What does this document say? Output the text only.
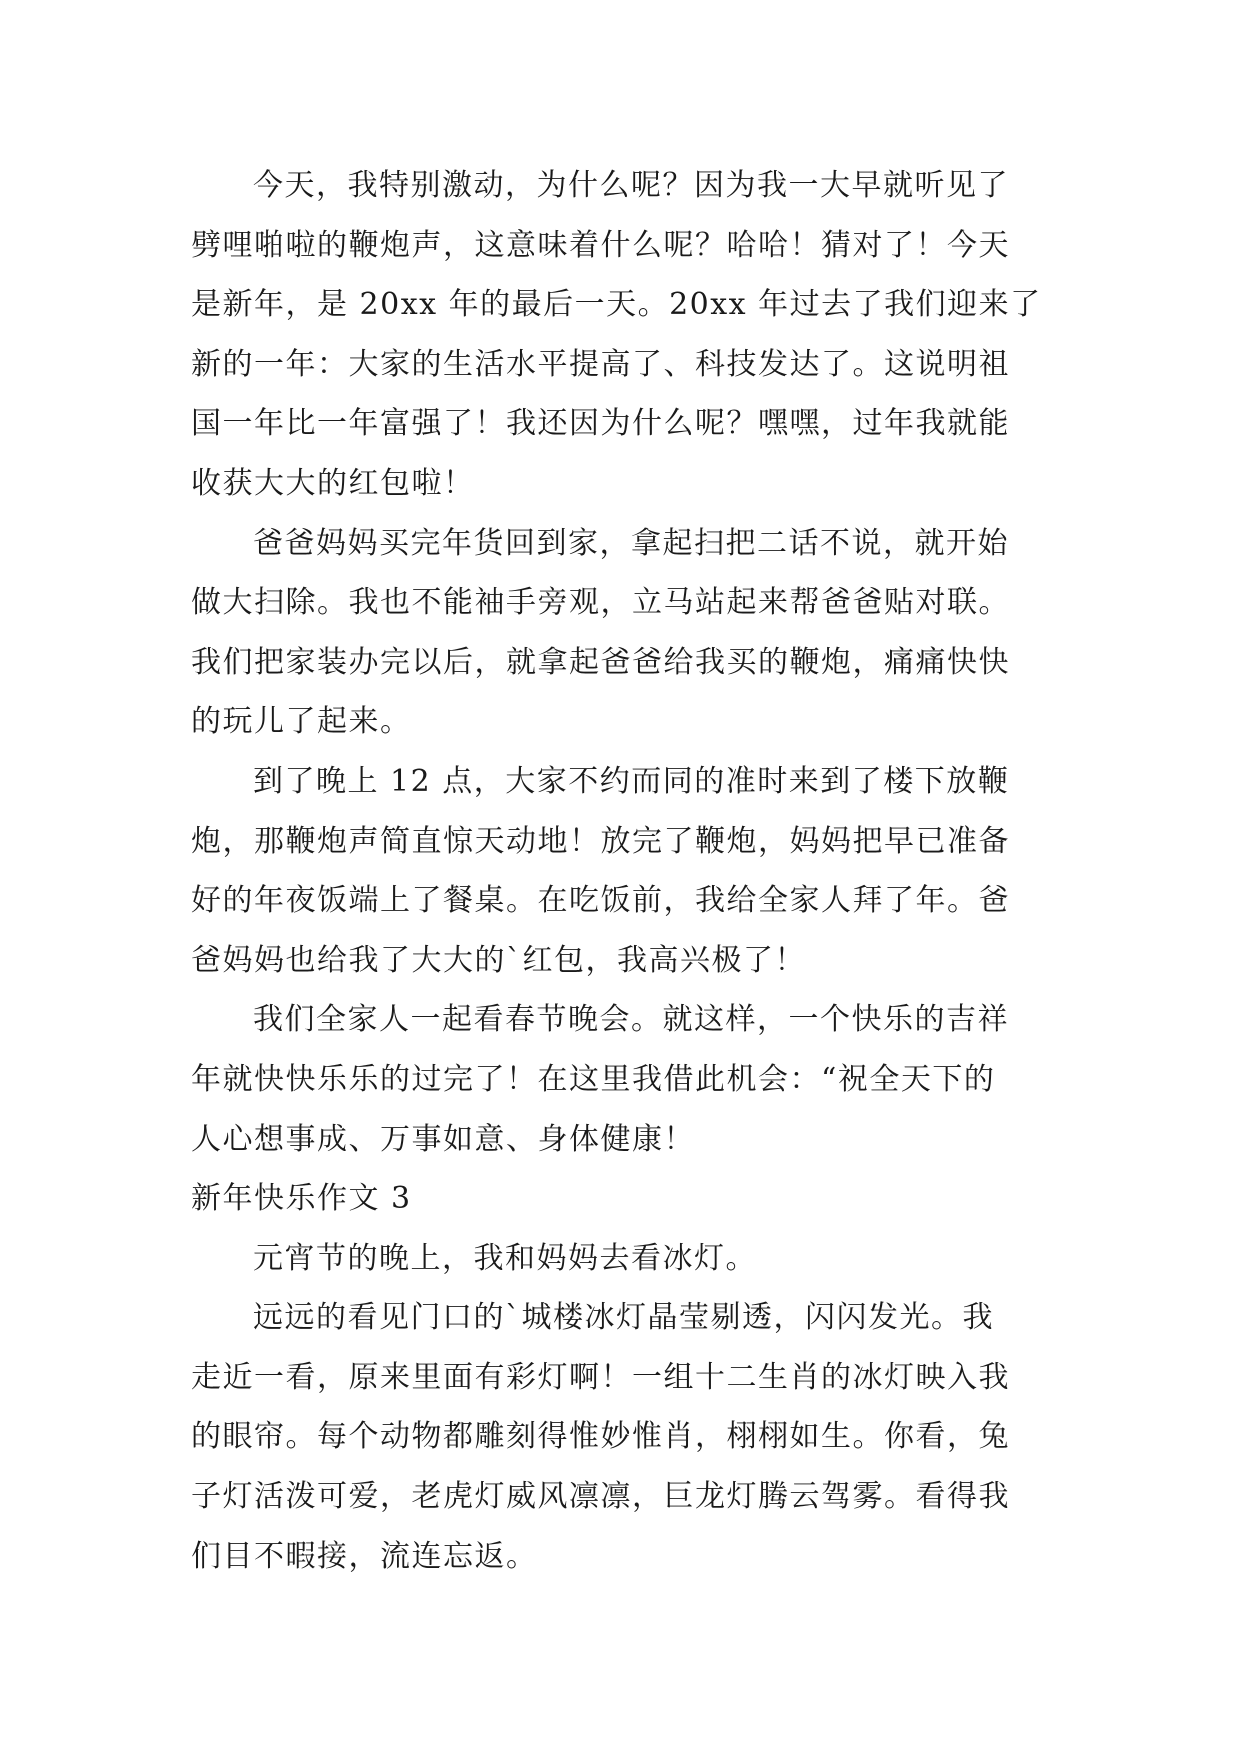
今天，我特别激动，为什么呢？因为我一大早就听见了
劈哩啪啦的鞭炮声，这意味着什么呢？哈哈！猜对了！今天
是新年，是 20xx 年的最后一天。20xx 年过去了我们迎来了
新的一年：大家的生活水平提高了、科技发达了。这说明祖
国一年比一年富强了！我还因为什么呢？嘿嘿，过年我就能
收获大大的红包啦！
爸爸妈妈买完年货回到家，拿起扫把二话不说，就开始
做大扫除。我也不能袖手旁观，立马站起来帮爸爸贴对联。
我们把家装办完以后，就拿起爸爸给我买的鞭炮，痛痛快快
的玩儿了起来。
到了晚上 12 点，大家不约而同的准时来到了楼下放鞭
炮，那鞭炮声简直惊天动地！放完了鞭炮，妈妈把早已准备
好的年夜饭端上了餐桌。在吃饭前，我给全家人拜了年。爸
爸妈妈也给我了大大的`红包，我高兴极了！
我们全家人一起看春节晚会。就这样，一个快乐的吉祥
年就快快乐乐的过完了！在这里我借此机会：“祝全天下的
人心想事成、万事如意、身体健康！
新年快乐作文 3
元宵节的晚上，我和妈妈去看冰灯。
远远的看见门口的`城楼冰灯晶莹剔透，闪闪发光。我
走近一看，原来里面有彩灯啊！一组十二生肖的冰灯映入我
的眼帘。每个动物都雕刻得惟妙惟肖，栩栩如生。你看，兔
子灯活泼可爱，老虎灯威风凛凛，巨龙灯腾云驾雾。看得我
们目不暇接，流连忘返。
